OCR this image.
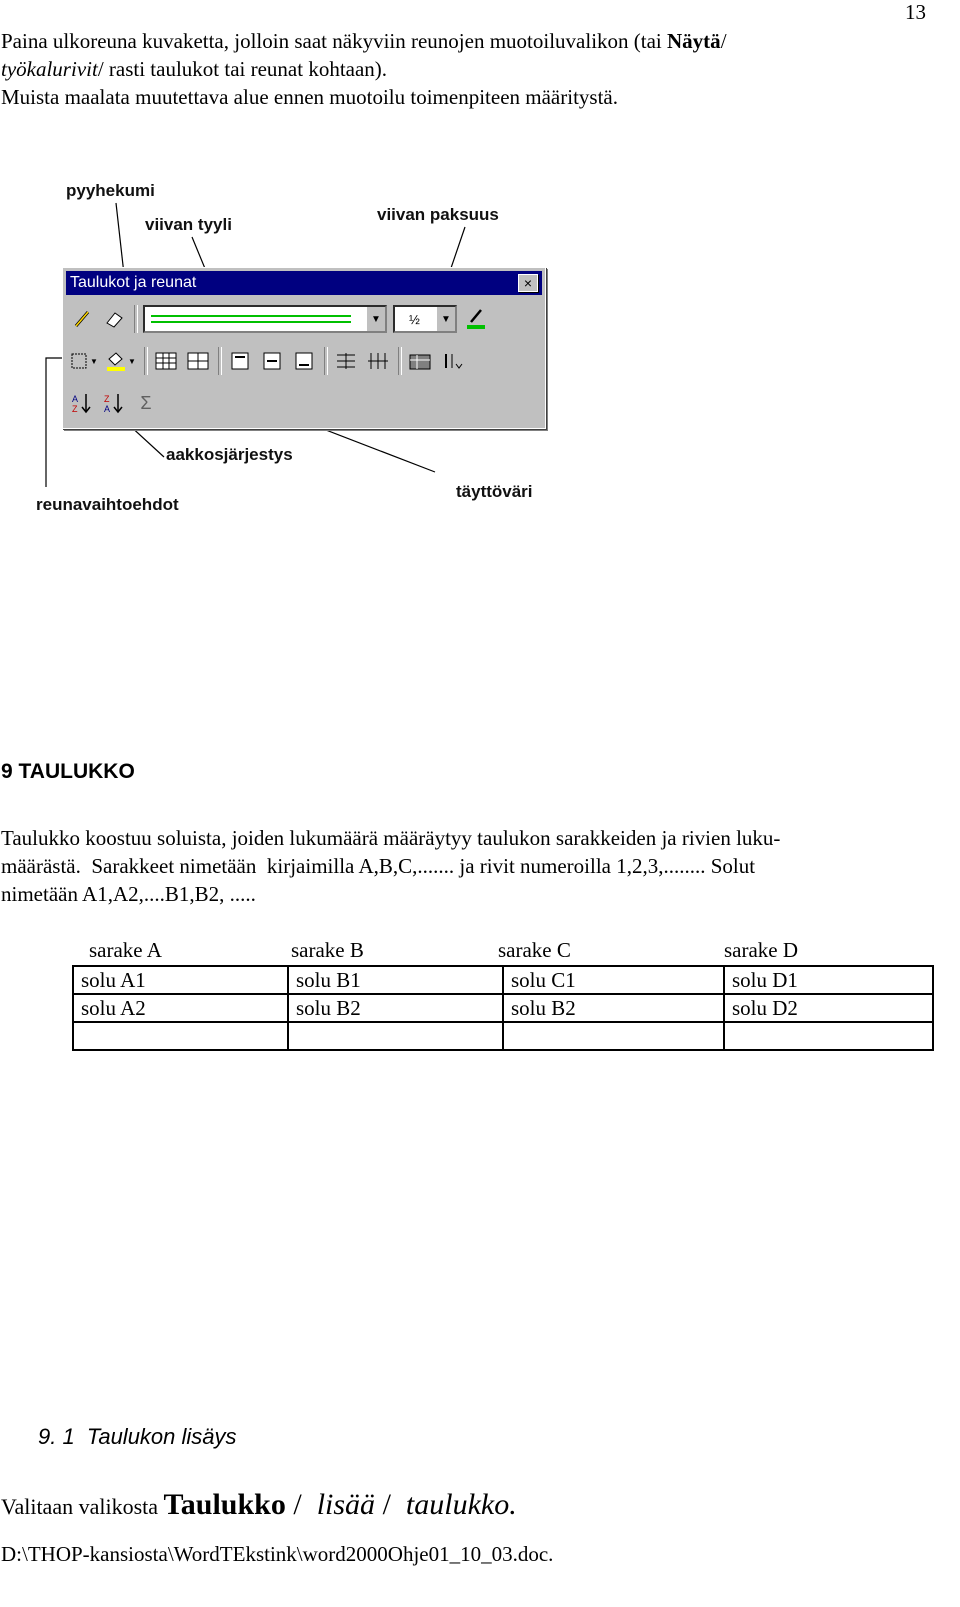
13

Paina ulkoreuna kuvaketta, jolloin saat näkyviin reunojen muotoiluvalikon (tai Näytä/

työkalurivit/ rasti taulukot tai reunat kohtaan).

Muista maalata muutettava alue ennen muotoilu toimenpiteen määritystä.

pyyhekumi
viivan tyyli
viivan paksuus
aakkosjärjestys
reunavaihtoehdot
täyttöväri
Taulukot ja reunat	×
▼	½	▼
▼	▼
A
Z
Z
A Σ
9 TAULUKKO

Taulukko koostuu soluista, joiden lukumäärä määräytyy taulukon sarakkeiden ja rivien luku-

määrästä.  Sarakkeet nimetään  kirjaimilla A,B,C,....... ja rivit numeroilla 1,2,3,........ Solut

nimetään A1,A2,....B1,B2, .....

sarake A	sarake B	sarake C	sarake D
solu A1	solu B1	solu C1	solu D1
solu A2	solu B2	solu B2	solu D2

9. 1  Taulukon lisäys
Valitaan valikosta Taulukko /  lisää /  taulukko.
D:\THOP-kansiosta\WordTEkstink\word2000Ohje01_10_03.doc.
